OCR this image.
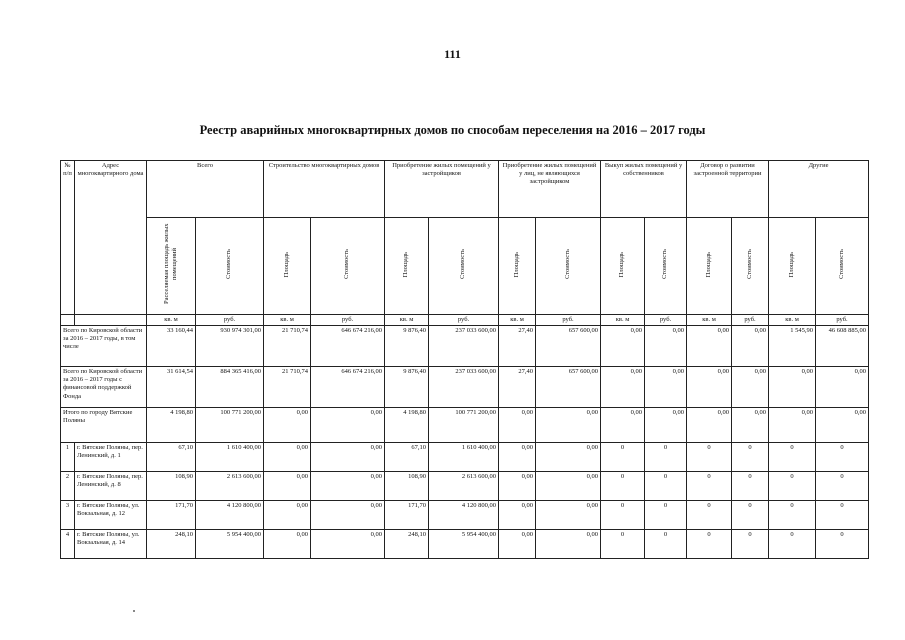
111
Реестр аварийных многоквартирных домов по способам переселения на 2016 – 2017 годы
№ п/п	Адрес многоквартирного дома	Всего		Строительство многоквартирных домов		Приобретение жилых помещений у застройщиков		Приобретение жилых помещений у лиц, не являющихся застройщиком		Выкуп жилых помещений у собственников		Договор о развитии застроенной территории		Другие	
		Расселяемая площадь жилых помещений	Стоимость	Площадь	Стоимость	Площадь	Стоимость	Площадь	Стоимость	Площадь	Стоимость	Площадь	Стоимость	Площадь	Стоимость
		кв. м	руб.	кв. м	руб.	кв. м	руб.	кв. м	руб.	кв. м	руб.	кв. м	руб.	кв. м	руб.
Всего по Кировской области за 2016 – 2017 годы, в том числе		33 160,44	930 974 301,00	21 710,74	646 674 216,00	9 876,40	237 033 600,00	27,40	657 600,00	0,00	0,00	0,00	0,00	1 545,90	46 608 885,00
Всего по Кировской области за 2016 – 2017 годы с финансовой поддержкой Фонда		31 614,54	884 365 416,00	21 710,74	646 674 216,00	9 876,40	237 033 600,00	27,40	657 600,00	0,00	0,00	0,00	0,00	0,00	0,00
Итого по городу Вятские Поляны		4 198,80	100 771 200,00	0,00	0,00	4 198,80	100 771 200,00	0,00	0,00	0,00	0,00	0,00	0,00	0,00	0,00
1	г. Вятские Поляны, пер. Ленинский, д. 1	67,10	1 610 400,00	0,00	0,00	67,10	1 610 400,00	0,00	0,00	0	0	0	0	0	0
2	г. Вятские Поляны, пер. Ленинский, д. 8	108,90	2 613 600,00	0,00	0,00	108,90	2 613 600,00	0,00	0,00	0	0	0	0	0	0
3	г. Вятские Поляны, ул. Вокзальная, д. 12	171,70	4 120 800,00	0,00	0,00	171,70	4 120 800,00	0,00	0,00	0	0	0	0	0	0
4	г. Вятские Поляны, ул. Вокзальная, д. 14	248,10	5 954 400,00	0,00	0,00	248,10	5 954 400,00	0,00	0,00	0	0	0	0	0	0
